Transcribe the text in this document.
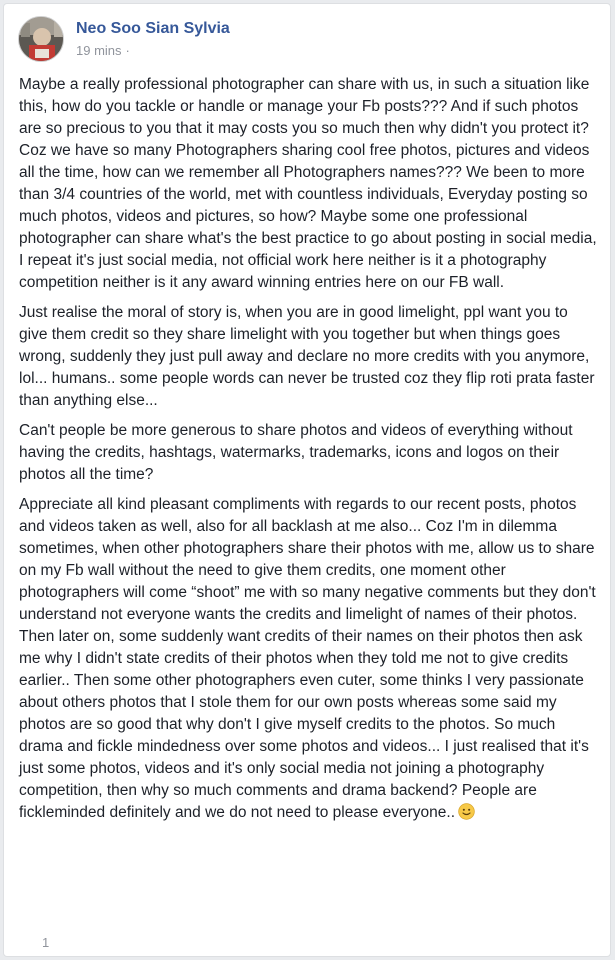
Neo Soo Sian Sylvia
19 mins ·

Maybe a really professional photographer can share with us, in such a situation like this, how do you tackle or handle or manage your Fb posts??? And if such photos are so precious to you that it may costs you so much then why didn't you protect it? Coz we have so many Photographers sharing cool free photos, pictures and videos all the time, how can we remember all Photographers names??? We been to more than 3/4 countries of the world, met with countless individuals, Everyday posting so much photos, videos and pictures, so how? Maybe some one professional photographer can share what's the best practice to go about posting in social media, I repeat it's just social media, not official work here neither is it a photography competition neither is it any award winning entries here on our FB wall.

Just realise the moral of story is, when you are in good limelight, ppl want you to give them credit so they share limelight with you together but when things goes wrong, suddenly they just pull away and declare no more credits with you anymore, lol... humans.. some people words can never be trusted coz they flip roti prata faster than anything else...

Can't people be more generous to share photos and videos of everything without having the credits, hashtags, watermarks, trademarks, icons and logos on their photos all the time?

Appreciate all kind pleasant compliments with regards to our recent posts, photos and videos taken as well, also for all backlash at me also... Coz I'm in dilemma sometimes, when other photographers share their photos with me, allow us to share on my Fb wall without the need to give them credits, one moment other photographers will come “shoot” me with so many negative comments but they don't understand not everyone wants the credits and limelight of names of their photos. Then later on, some suddenly want credits of their names on their photos then ask me why I didn't state credits of their photos when they told me not to give credits earlier.. Then some other photographers even cuter, some thinks I very passionate about others photos that I stole them for our own posts whereas some said my photos are so good that why don't I give myself credits to the photos. So much drama and fickle mindedness over some photos and videos... I just realised that it's just some photos, videos and it's only social media not joining a photography competition, then why so much comments and drama backend? People are fickleminded definitely and we do not need to please everyone..

1
